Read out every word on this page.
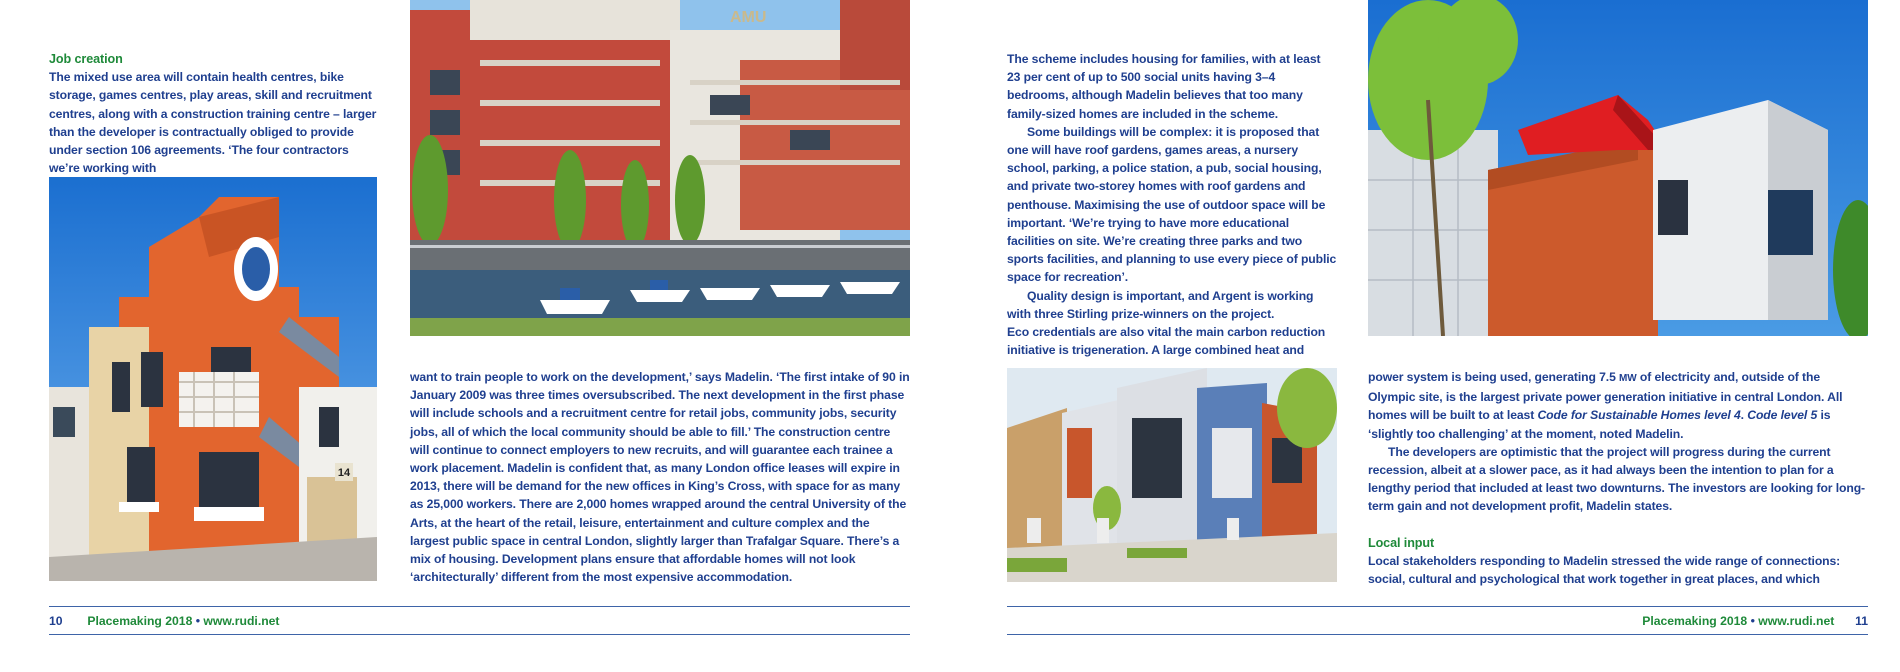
Job creation

The mixed use area will contain health centres, bike storage, games centres, play areas, skill and recruitment centres, along with a construction training centre – larger than the developer is contractually obliged to provide under section 106 agreements. ‘The four contractors we’re working with

14
AMU

want to train people to work on the development,’ says Madelin. ‘The first intake of 90 in January 2009 was three times oversubscribed. The next development in the first phase will include schools and a recruitment centre for retail jobs, community jobs, security jobs, all of which the local community should be able to fill.’ The construction centre will continue to connect employers to new recruits, and will guarantee each trainee a work placement. Madelin is confident that, as many London office leases will expire in 2013, there will be demand for the new offices in King’s Cross, with space for as many as 25,000 workers. There are 2,000 homes wrapped around the central University of the Arts, at the heart of the retail, leisure, entertainment and culture complex and the largest public space in central London, slightly larger than Trafalgar Square. There’s a mix of housing. Development plans ensure that affordable homes will not look ‘architecturally’ different from the most expensive accommodation.

10 Placemaking 2018 • www.rudi.net

The scheme includes housing for families, with at least 23 per cent of up to 500 social units having 3–4 bedrooms, although Madelin believes that too many family-sized homes are included in the scheme.

Some buildings will be complex: it is proposed that one will have roof gardens, games areas, a nursery school, parking, a police station, a pub, social housing, and private two-storey homes with roof gardens and penthouse. Maximising the use of outdoor space will be important. ‘We’re trying to have more educational facilities on site. We’re creating three parks and two sports facilities, and planning to use every piece of public space for recreation’.

Quality design is important, and Argent is working with three Stirling prize-winners on the project.

Eco credentials are also vital the main carbon reduction initiative is trigeneration. A large combined heat and

power system is being used, generating 7.5 MW of electricity and, outside of the Olympic site, is the largest private power generation initiative in central London. All homes will be built to at least Code for Sustainable Homes level 4. Code level 5 is ‘slightly too challenging’ at the moment, noted Madelin.

The developers are optimistic that the project will progress during the current recession, albeit at a slower pace, as it had always been the intention to plan for a lengthy period that included at least two downturns. The investors are looking for long-term gain and not development profit, Madelin states.

Local input

Local stakeholders responding to Madelin stressed the wide range of connections: social, cultural and psychological that work together in great places, and which

Placemaking 2018 • www.rudi.net 11
